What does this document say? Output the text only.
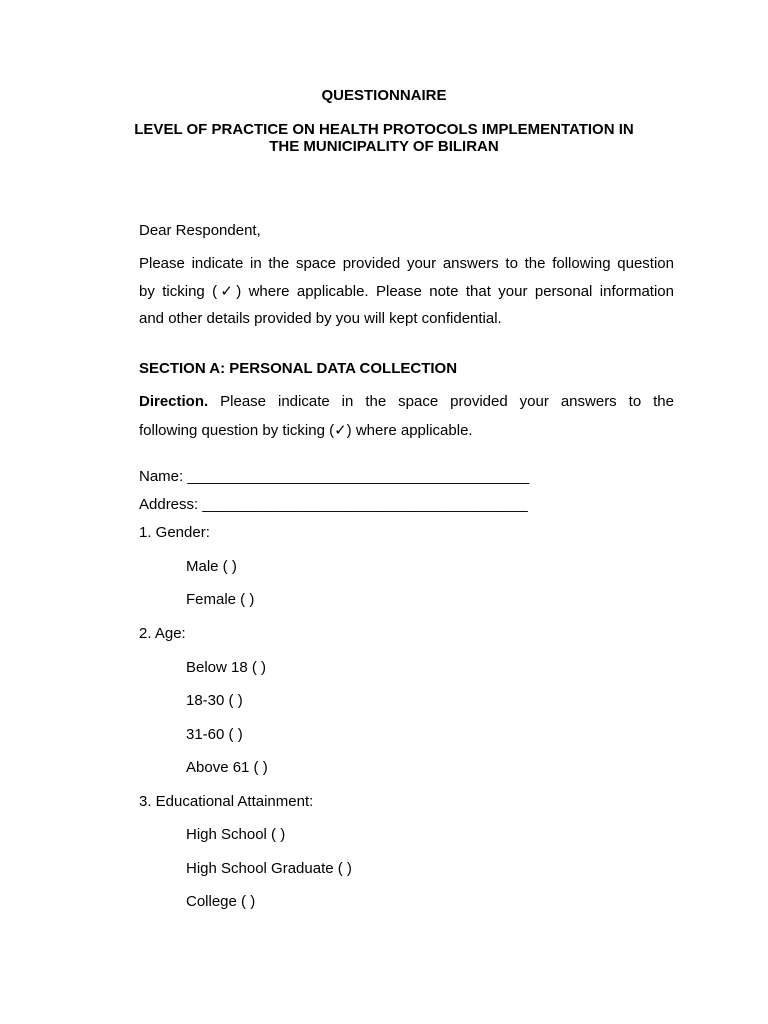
QUESTIONNAIRE
LEVEL OF PRACTICE ON HEALTH PROTOCOLS IMPLEMENTATION IN
THE MUNICIPALITY OF BILIRAN
Dear Respondent,
Please indicate in the space provided your answers to the following question
by ticking (✓) where applicable. Please note that your personal information
and other details provided by you will kept confidential.
SECTION A: PERSONAL DATA COLLECTION
Direction. Please indicate in the space provided your answers to the
following question by ticking (✓) where applicable.
Name: _________________________________________
Address: _______________________________________
1. Gender:
Male ( )
Female ( )
2. Age:
Below 18 ( )
18-30 ( )
31-60 ( )
Above 61 ( )
3. Educational Attainment:
High School ( )
High School Graduate ( )
College ( )
